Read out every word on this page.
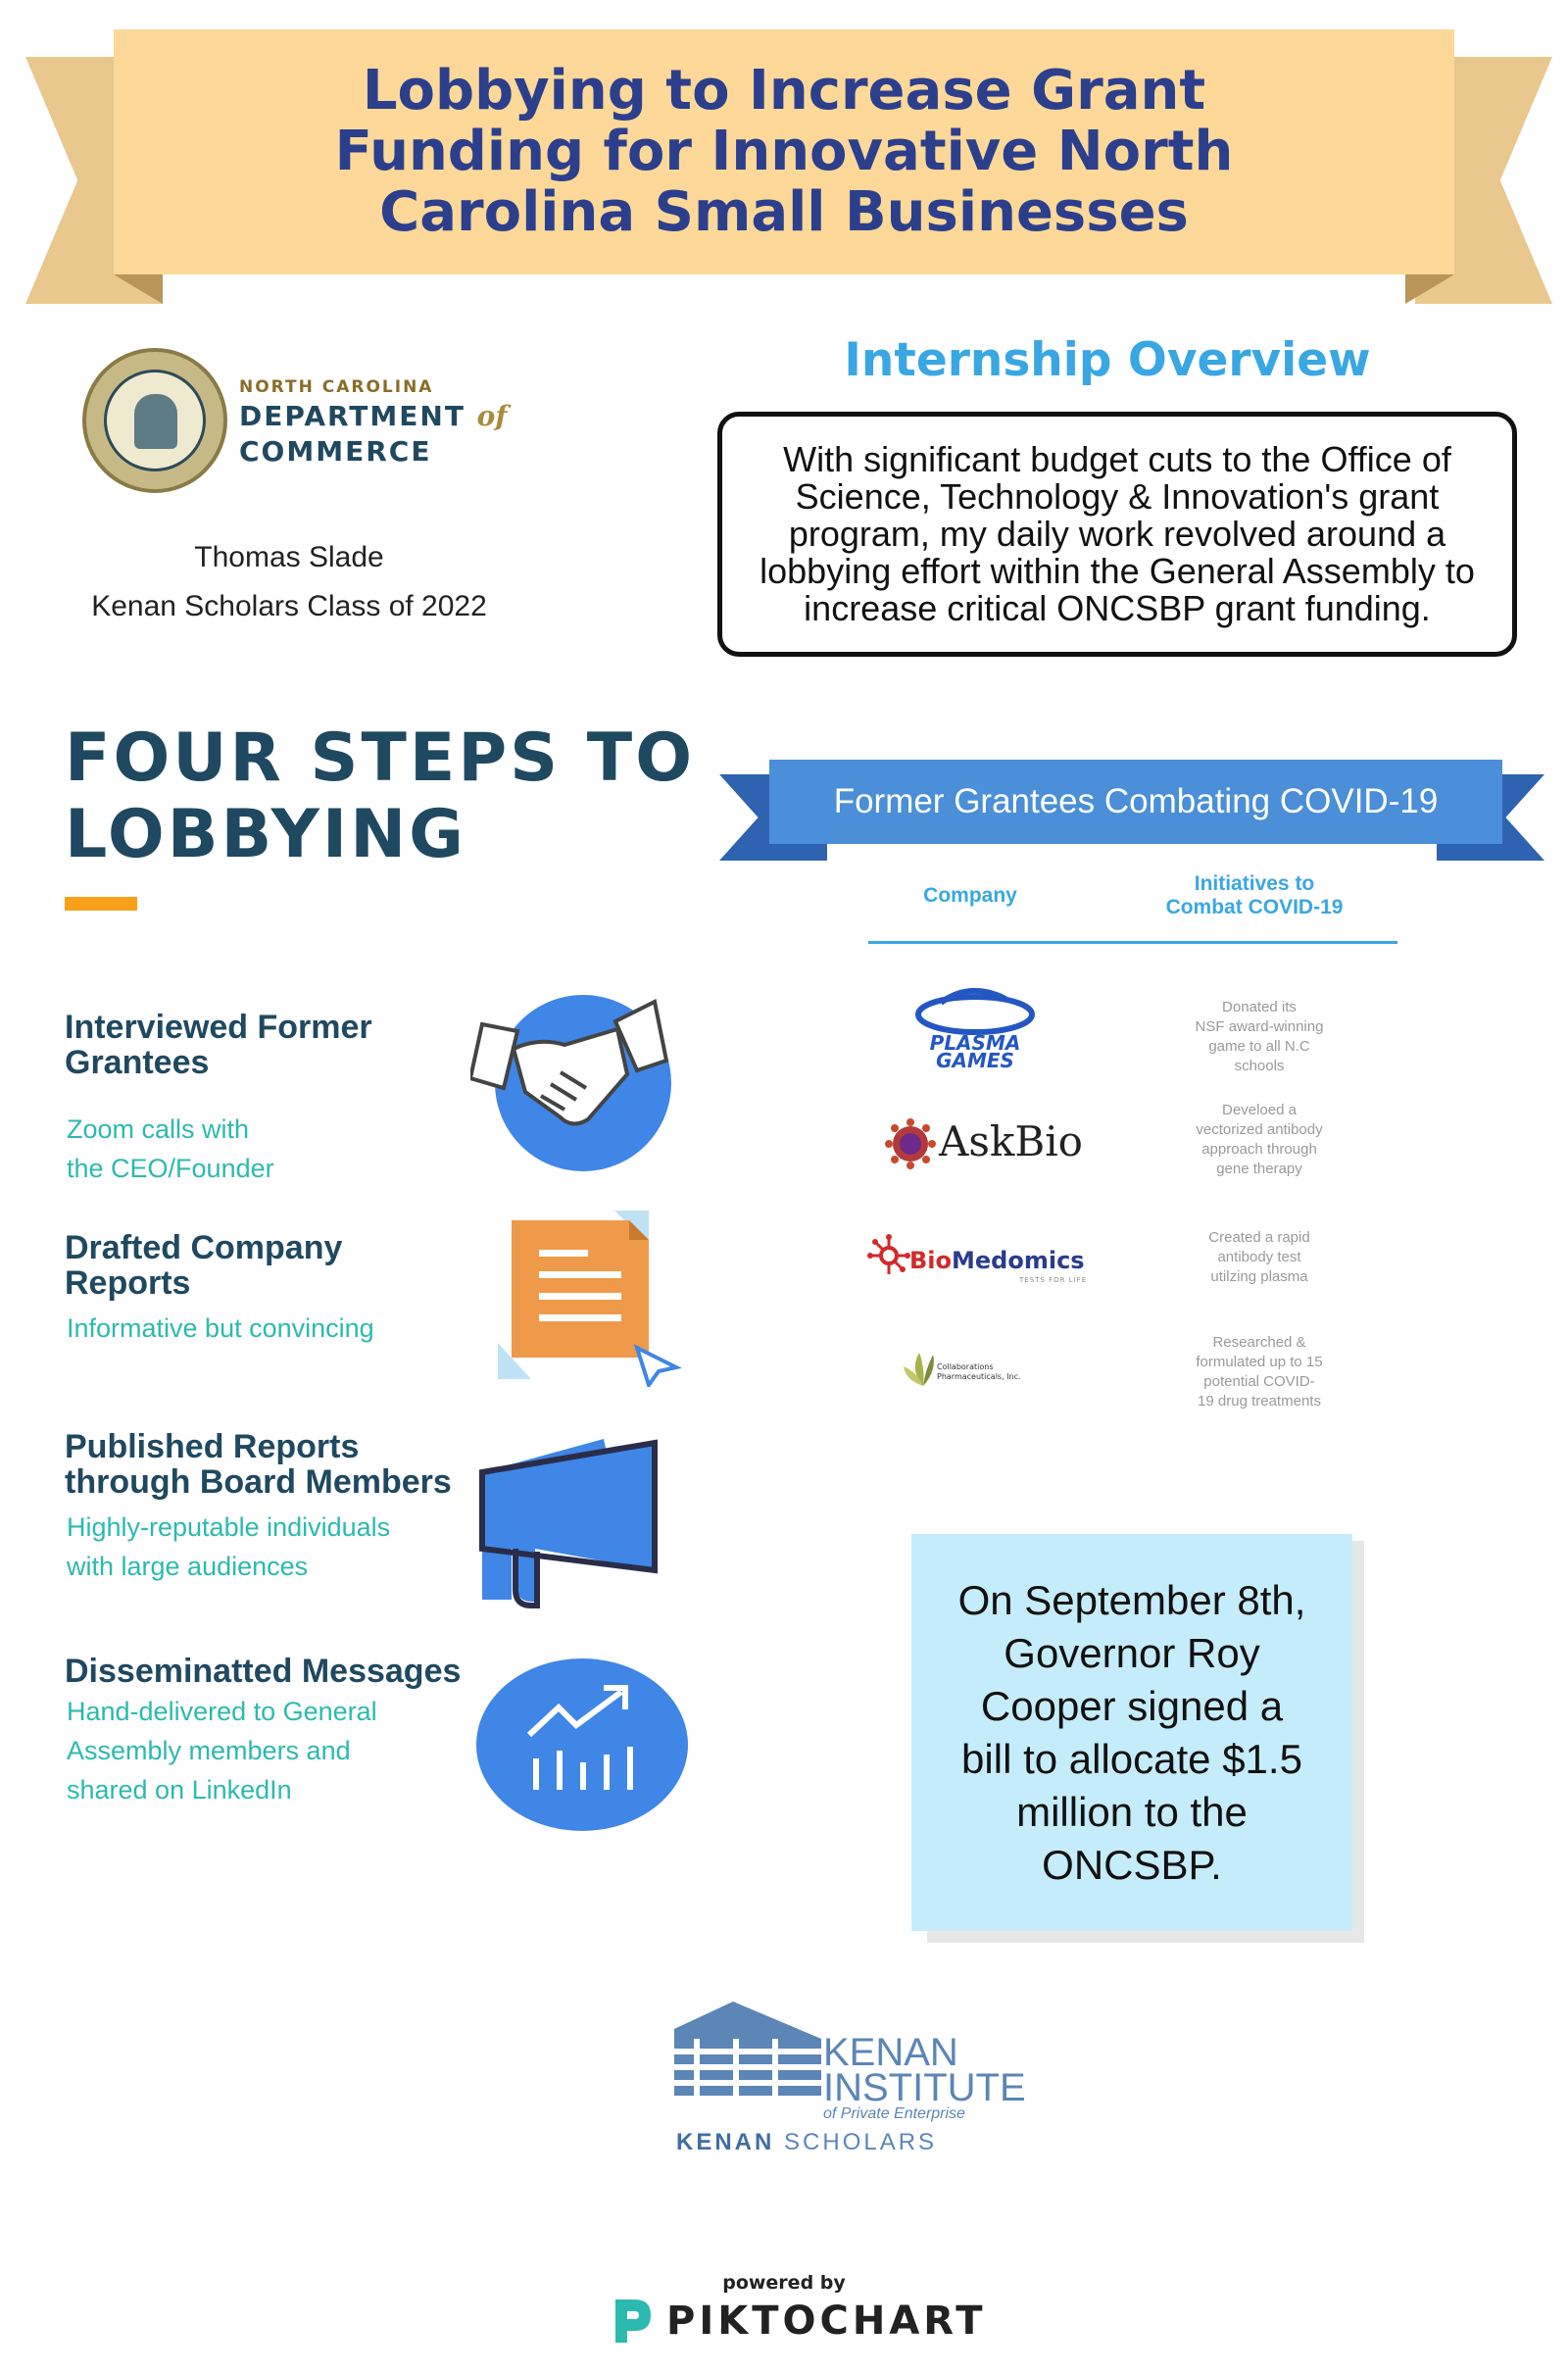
Lobbying to Increase Grant Funding for Innovative North Carolina Small Businesses
NORTH CAROLINA
DEPARTMENT of
COMMERCE
Thomas Slade
Kenan Scholars Class of 2022
Internship Overview

With significant budget cuts to the Office of Science, Technology & Innovation's grant program, my daily work revolved around a lobbying effort within the General Assembly to increase critical ONCSBP grant funding.

FOUR STEPS TO
LOBBYING
Interviewed Former
Grantees
Zoom calls with
the CEO/Founder
Drafted Company
Reports
Informative but convincing
Published Reports
through Board Members
Highly-reputable individuals
with large audiences
Disseminatted Messages
Hand-delivered to General
Assembly members and
shared on LinkedIn
Former Grantees Combating COVID-19
Company
Initiatives to
Combat COVID-19
PLASMA
GAMES
Donated its
NSF award-winning
game to all N.C
schools
AskBio
Develoed a
vectorized antibody
approach through
gene therapy
BioMedomics
TESTS FOR LIFE
Created a rapid
antibody test
utilzing plasma
Collaborations
Pharmaceuticals, Inc.
Researched &
formulated up to 15
potential COVID-
19 drug treatments

On September 8th, Governor Roy Cooper signed a bill to allocate $1.5 million to the ONCSBP.

KENAN
INSTITUTE
of Private Enterprise
KENAN SCHOLARS
powered by
PIKTOCHART
